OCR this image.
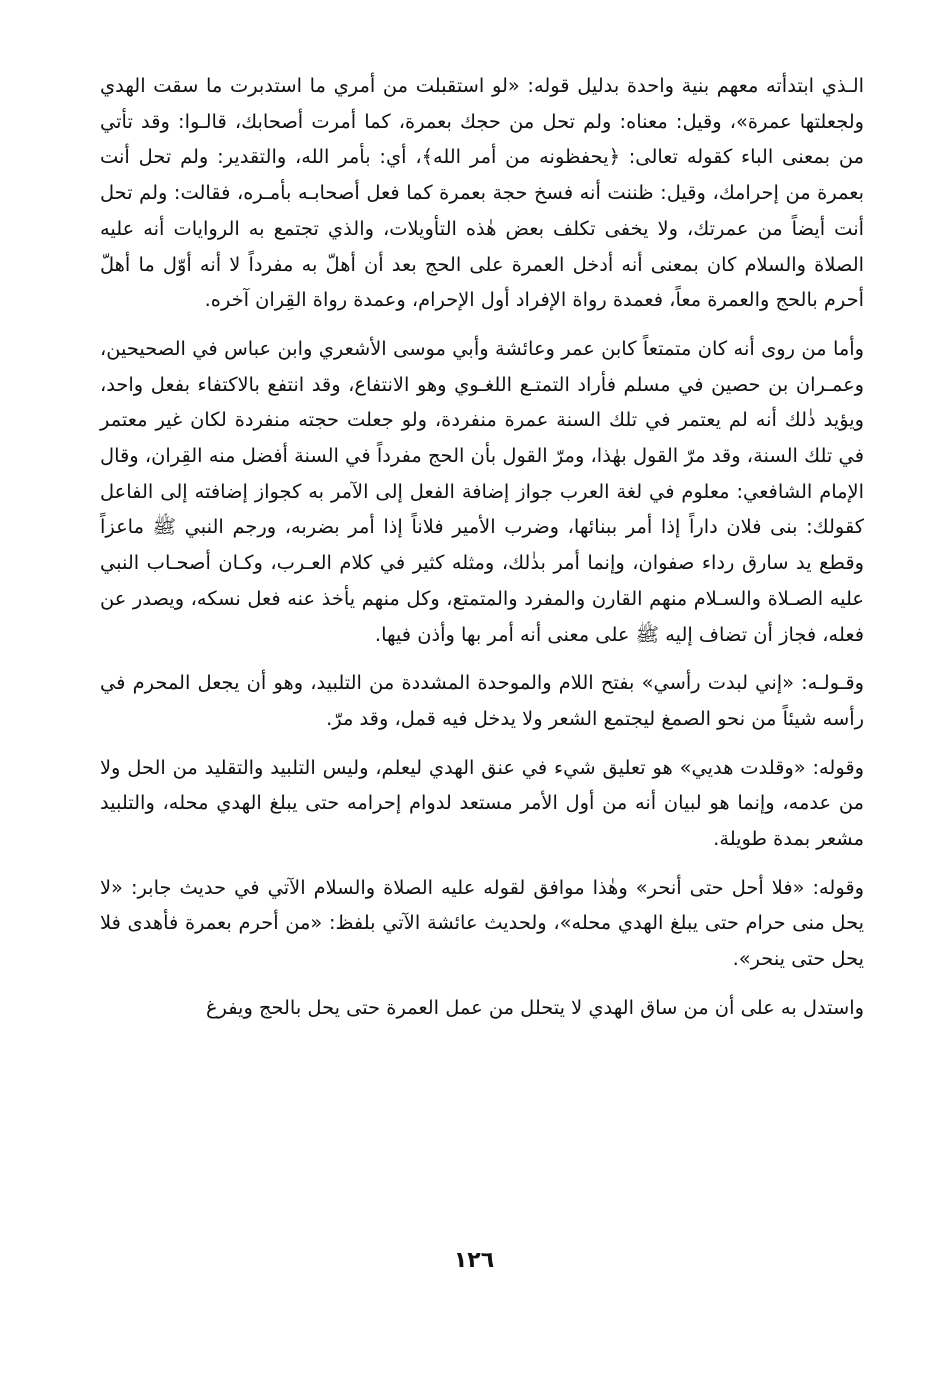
الـذي ابتدأته معهم بنية واحدة بدليل قوله: «لو استقبلت من أمري ما استدبرت ما سقت الهدي ولجعلتها عمرة»، وقيل: معناه: ولم تحل من حجك بعمرة، كما أمرت أصحابك، قالـوا: وقد تأتي من بمعنى الباء كقوله تعالى: ﴿يحفظونه من أمر الله﴾، أي: بأمر الله، والتقدير: ولم تحل أنت بعمرة من إحرامك، وقيل: ظننت أنه فسخ حجة بعمرة كما فعل أصحابـه بأمـره، فقالت: ولم تحل أنت أيضاً من عمرتك، ولا يخفى تكلف بعض هٰذه التأويلات، والذي تجتمع به الروايات أنه عليه الصلاة والسلام كان بمعنى أنه أدخل العمرة على الحج بعد أن أهلّ به مفرداً لا أنه أوّل ما أهلّ أحرم بالحج والعمرة معاً، فعمدة رواة الإفراد أول الإحرام، وعمدة رواة القِران آخره.

وأما من روى أنه كان متمتعاً كابن عمر وعائشة وأبي موسى الأشعري وابن عباس في الصحيحين، وعمـران بن حصين في مسلم فأراد التمتـع اللغـوي وهو الانتفاع، وقد انتفع بالاكتفاء بفعل واحد، ويؤيد ذٰلك أنه لم يعتمر في تلك السنة عمرة منفردة، ولو جعلت حجته منفردة لكان غير معتمر في تلك السنة، وقد مرّ القول بهٰذا، ومرّ القول بأن الحج مفرداً في السنة أفضل منه القِران، وقال الإمام الشافعي: معلوم في لغة العرب جواز إضافة الفعل إلى الآمر به كجواز إضافته إلى الفاعل كقولك: بنى فلان داراً إذا أمر ببنائها، وضرب الأمير فلاناً إذا أمر بضربه، ورجم النبي ﷺ ماعزاً وقطع يد سارق رداء صفوان، وإنما أمر بذٰلك، ومثله كثير في كلام العـرب، وكـان أصحـاب النبي عليه الصـلاة والسـلام منهم القارن والمفرد والمتمتع، وكل منهم يأخذ عنه فعل نسكه، ويصدر عن فعله، فجاز أن تضاف إليه ﷺ على معنى أنه أمر بها وأذن فيها.

وقـولـه: «إني لبدت رأسي» بفتح اللام والموحدة المشددة من التلبيد، وهو أن يجعل المحرم في رأسه شيئاً من نحو الصمغ ليجتمع الشعر ولا يدخل فيه قمل، وقد مرّ.

وقوله: «وقلدت هديي» هو تعليق شيء في عنق الهدي ليعلم، وليس التلبيد والتقليد من الحل ولا من عدمه، وإنما هو لبيان أنه من أول الأمر مستعد لدوام إحرامه حتى يبلغ الهدي محله، والتلبيد مشعر بمدة طويلة.

وقوله: «فلا أحل حتى أنحر» وهٰذا موافق لقوله عليه الصلاة والسلام الآتي في حديث جابر: «لا يحل منى حرام حتى يبلغ الهدي محله»، ولحديث عائشة الآتي بلفظ: «من أحرم بعمرة فأهدى فلا يحل حتى ينحر».

واستدل به على أن من ساق الهدي لا يتحلل من عمل العمرة حتى يحل بالحج ويفرغ

١٢٦
